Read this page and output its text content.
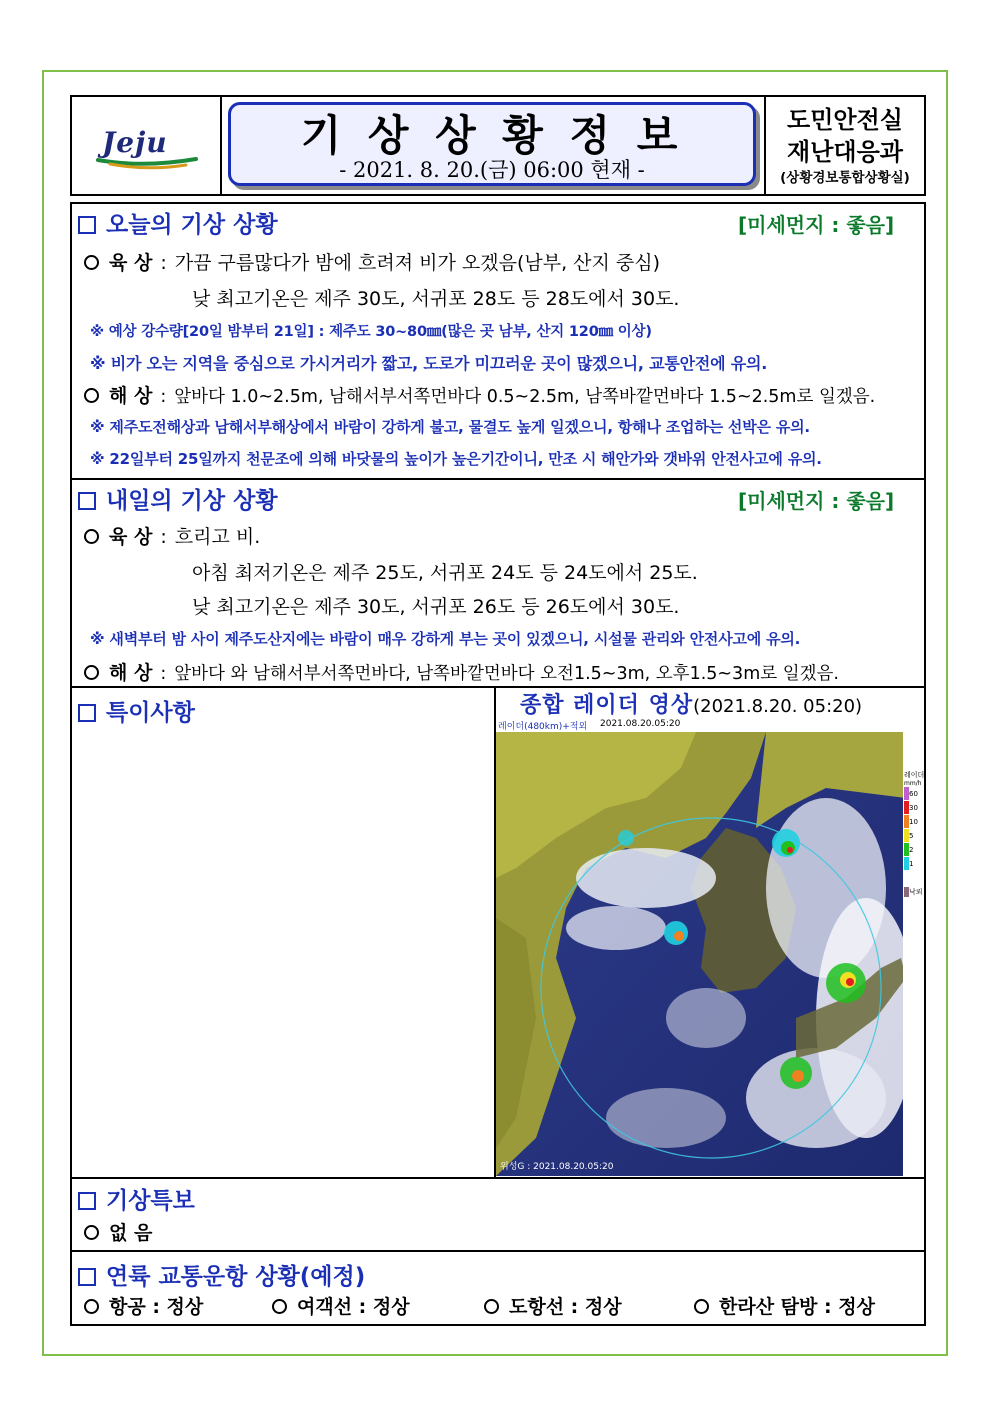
Jeju	기 상 상 황 정 보
- 2021. 8. 20.(금) 06:00 현재 -
도민안전실
재난대응과
(상황경보통합상황실)
오늘의 기상 상황	[미세먼지 : 좋음]
육 상 : 가끔 구름많다가 밤에 흐려져 비가 오겠음(남부, 산지 중심)
낮 최고기온은 제주 30도, 서귀포 28도 등 28도에서 30도.
※ 예상 강수량[20일 밤부터 21일] : 제주도 30~80㎜(많은 곳 남부, 산지 120㎜ 이상)
※ 비가 오는 지역을 중심으로 가시거리가 짧고, 도로가 미끄러운 곳이 많겠으니, 교통안전에 유의.
해 상 : 앞바다 1.0~2.5m, 남해서부서쪽먼바다 0.5~2.5m, 남쪽바깥먼바다 1.5~2.5m로 일겠음.
※ 제주도전해상과 남해서부해상에서 바람이 강하게 불고, 물결도 높게 일겠으니, 항해나 조업하는 선박은 유의.
※ 22일부터 25일까지 천문조에 의해 바닷물의 높이가 높은기간이니, 만조 시 해안가와 갯바위 안전사고에 유의.
내일의 기상 상황	[미세먼지 : 좋음]
육 상 : 흐리고 비.
아침 최저기온은 제주 25도, 서귀포 24도 등 24도에서 25도.
낮 최고기온은 제주 30도, 서귀포 26도 등 26도에서 30도.
※ 새벽부터 밤 사이 제주도산지에는 바람이 매우 강하게 부는 곳이 있겠으니, 시설물 관리와 안전사고에 유의.
해 상 : 앞바다 와 남해서부서쪽먼바다, 남쪽바깥먼바다 오전1.5~3m, 오후1.5~3m로 일겠음.
특이사항	종합 레이더 영상(2021.8.20. 05:20)
레이더(480km)+적외 2021.08.20.05:20
위성G : 2021.08.20.05:20
레이더
mm/h
60
30
10
5
2
1
낙뢰
기상특보
없 음
연륙 교통운항 상황(예정)
항공 : 정상	여객선 : 정상	도항선 : 정상	한라산 탐방 : 정상
